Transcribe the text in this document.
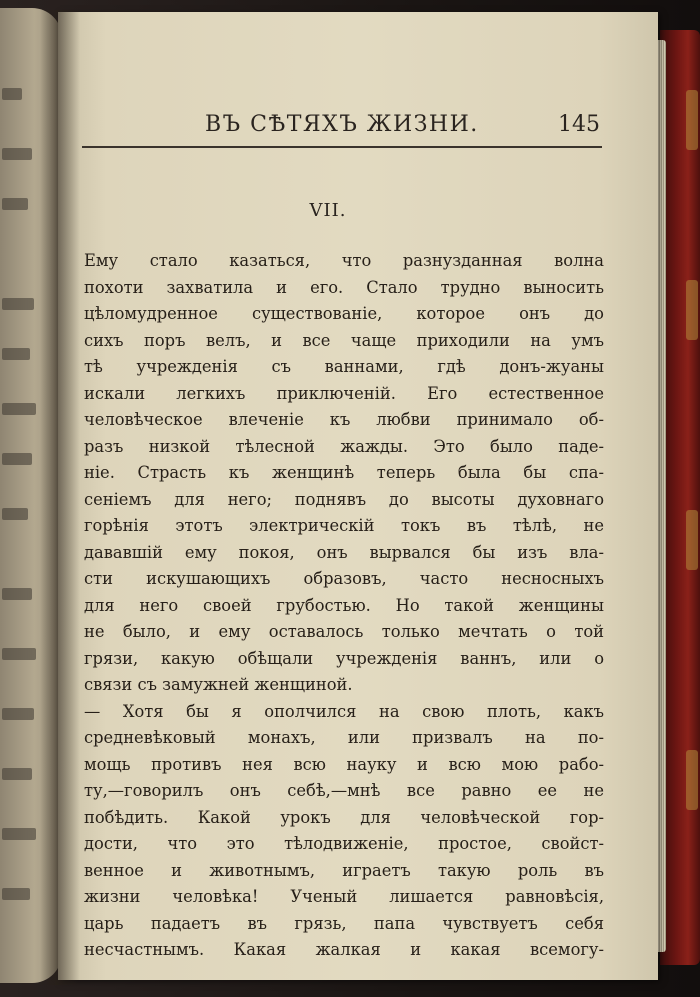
ВЪ СѢТЯХЪ ЖИЗНИ.	145
VII.
Ему стало казаться, что разнузданная волна
похоти захватила и его. Стало трудно выносить
цѣломудренное существованіе, которое онъ до
сихъ поръ велъ, и все чаще приходили на умъ
тѣ учрежденія съ ваннами, гдѣ донъ-жуаны
искали легкихъ приключеній. Его естественное
человѣческое влеченіе къ любви принимало об-
разъ низкой тѣлесной жажды. Это было паде-
ніе. Страсть къ женщинѣ теперь была бы спа-
сеніемъ для него; поднявъ до высоты духовнаго
горѣнія этотъ электрическій токъ въ тѣлѣ, не
дававшій ему покоя, онъ вырвался бы изъ вла-
сти искушающихъ образовъ, часто несносныхъ
для него своей грубостью. Но такой женщины
не было, и ему оставалось только мечтать о той
грязи, какую обѣщали учрежденія ваннъ, или о
связи съ замужней женщиной.
— Хотя бы я ополчился на свою плоть, какъ
средневѣковый монахъ, или призвалъ на по-
мощь противъ нея всю науку и всю мою рабо-
ту,—говорилъ онъ себѣ,—мнѣ все равно ее не
побѣдить. Какой урокъ для человѣческой гор-
дости, что это тѣлодвиженіе, простое, свойст-
венное и животнымъ, играетъ такую роль въ
жизни человѣка! Ученый лишается равновѣсія,
царь падаетъ въ грязь, папа чувствуетъ себя
несчастнымъ. Какая жалкая и какая всемогу-
